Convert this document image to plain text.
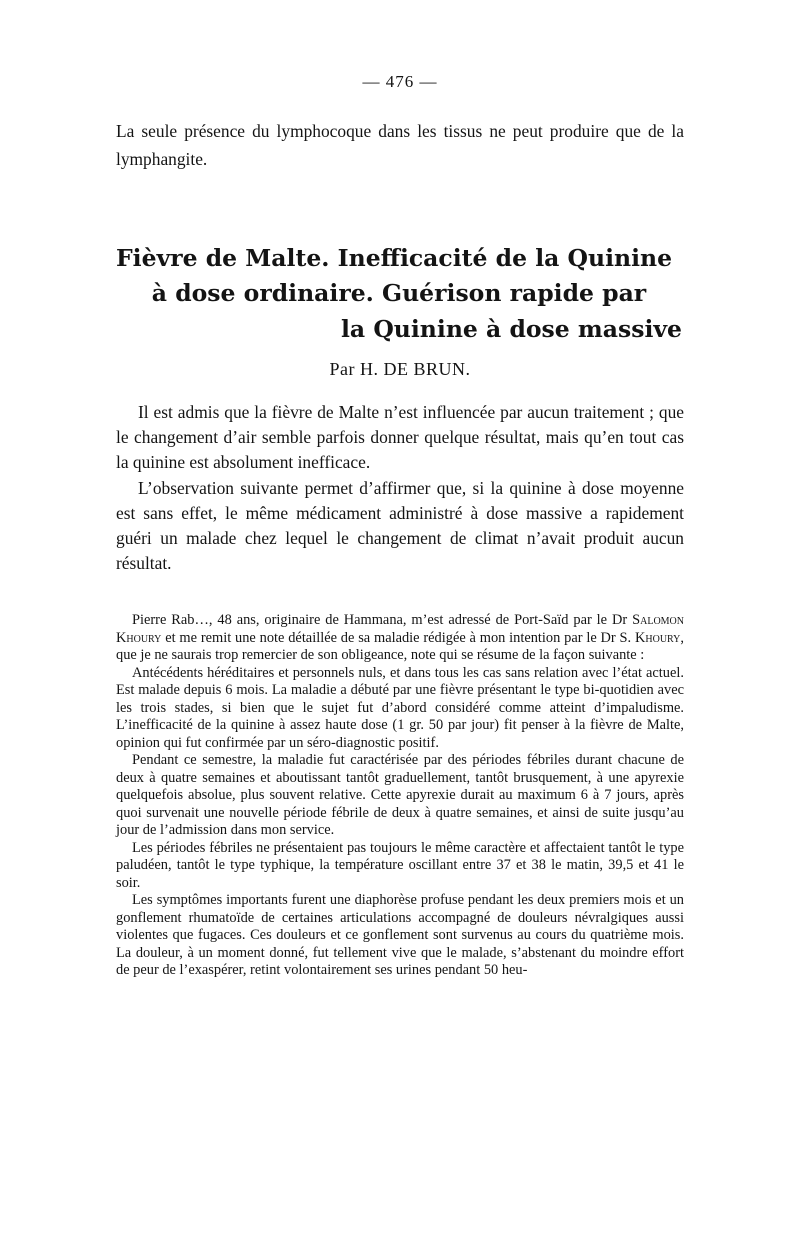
— 476 —
La seule présence du lymphocoque dans les tissus ne peut produire que de la lymphangite.
Fièvre de Malte. Inefficacité de la Quinine
à dose ordinaire. Guérison rapide par
la Quinine à dose massive
Par H. DE BRUN.

Il est admis que la fièvre de Malte n’est influencée par aucun traitement ; que le changement d’air semble parfois donner quelque résultat, mais qu’en tout cas la quinine est absolument inefficace.

L’observation suivante permet d’affirmer que, si la quinine à dose moyenne est sans effet, le même médicament administré à dose massive a rapidement guéri un malade chez lequel le changement de climat n’avait produit aucun résultat.

Pierre Rab…, 48 ans, originaire de Hammana, m’est adressé de Port-Saïd par le Dr Salomon Khoury et me remit une note détaillée de sa maladie rédigée à mon intention par le Dr S. Khoury, que je ne saurais trop remercier de son obligeance, note qui se résume de la façon suivante :

Antécédents héréditaires et personnels nuls, et dans tous les cas sans relation avec l’état actuel. Est malade depuis 6 mois. La maladie a débuté par une fièvre présentant le type bi-quotidien avec les trois stades, si bien que le sujet fut d’abord considéré comme atteint d’impaludisme. L’inefficacité de la quinine à assez haute dose (1 gr. 50 par jour) fit penser à la fièvre de Malte, opinion qui fut confirmée par un séro-diagnostic positif.

Pendant ce semestre, la maladie fut caractérisée par des périodes fébriles durant chacune de deux à quatre semaines et aboutissant tantôt graduellement, tantôt brusquement, à une apyrexie quelquefois absolue, plus souvent relative. Cette apyrexie durait au maximum 6 à 7 jours, après quoi survenait une nouvelle période fébrile de deux à quatre semaines, et ainsi de suite jusqu’au jour de l’admission dans mon service.

Les périodes fébriles ne présentaient pas toujours le même caractère et affectaient tantôt le type paludéen, tantôt le type typhique, la température oscillant entre 37 et 38 le matin, 39,5 et 41 le soir.

Les symptômes importants furent une diaphorèse profuse pendant les deux premiers mois et un gonflement rhumatoïde de certaines articulations accompagné de douleurs névralgiques aussi violentes que fugaces. Ces douleurs et ce gonflement sont survenus au cours du quatrième mois. La douleur, à un moment donné, fut tellement vive que le malade, s’abstenant du moindre effort de peur de l’exaspérer, retint volontairement ses urines pendant 50 heu-
